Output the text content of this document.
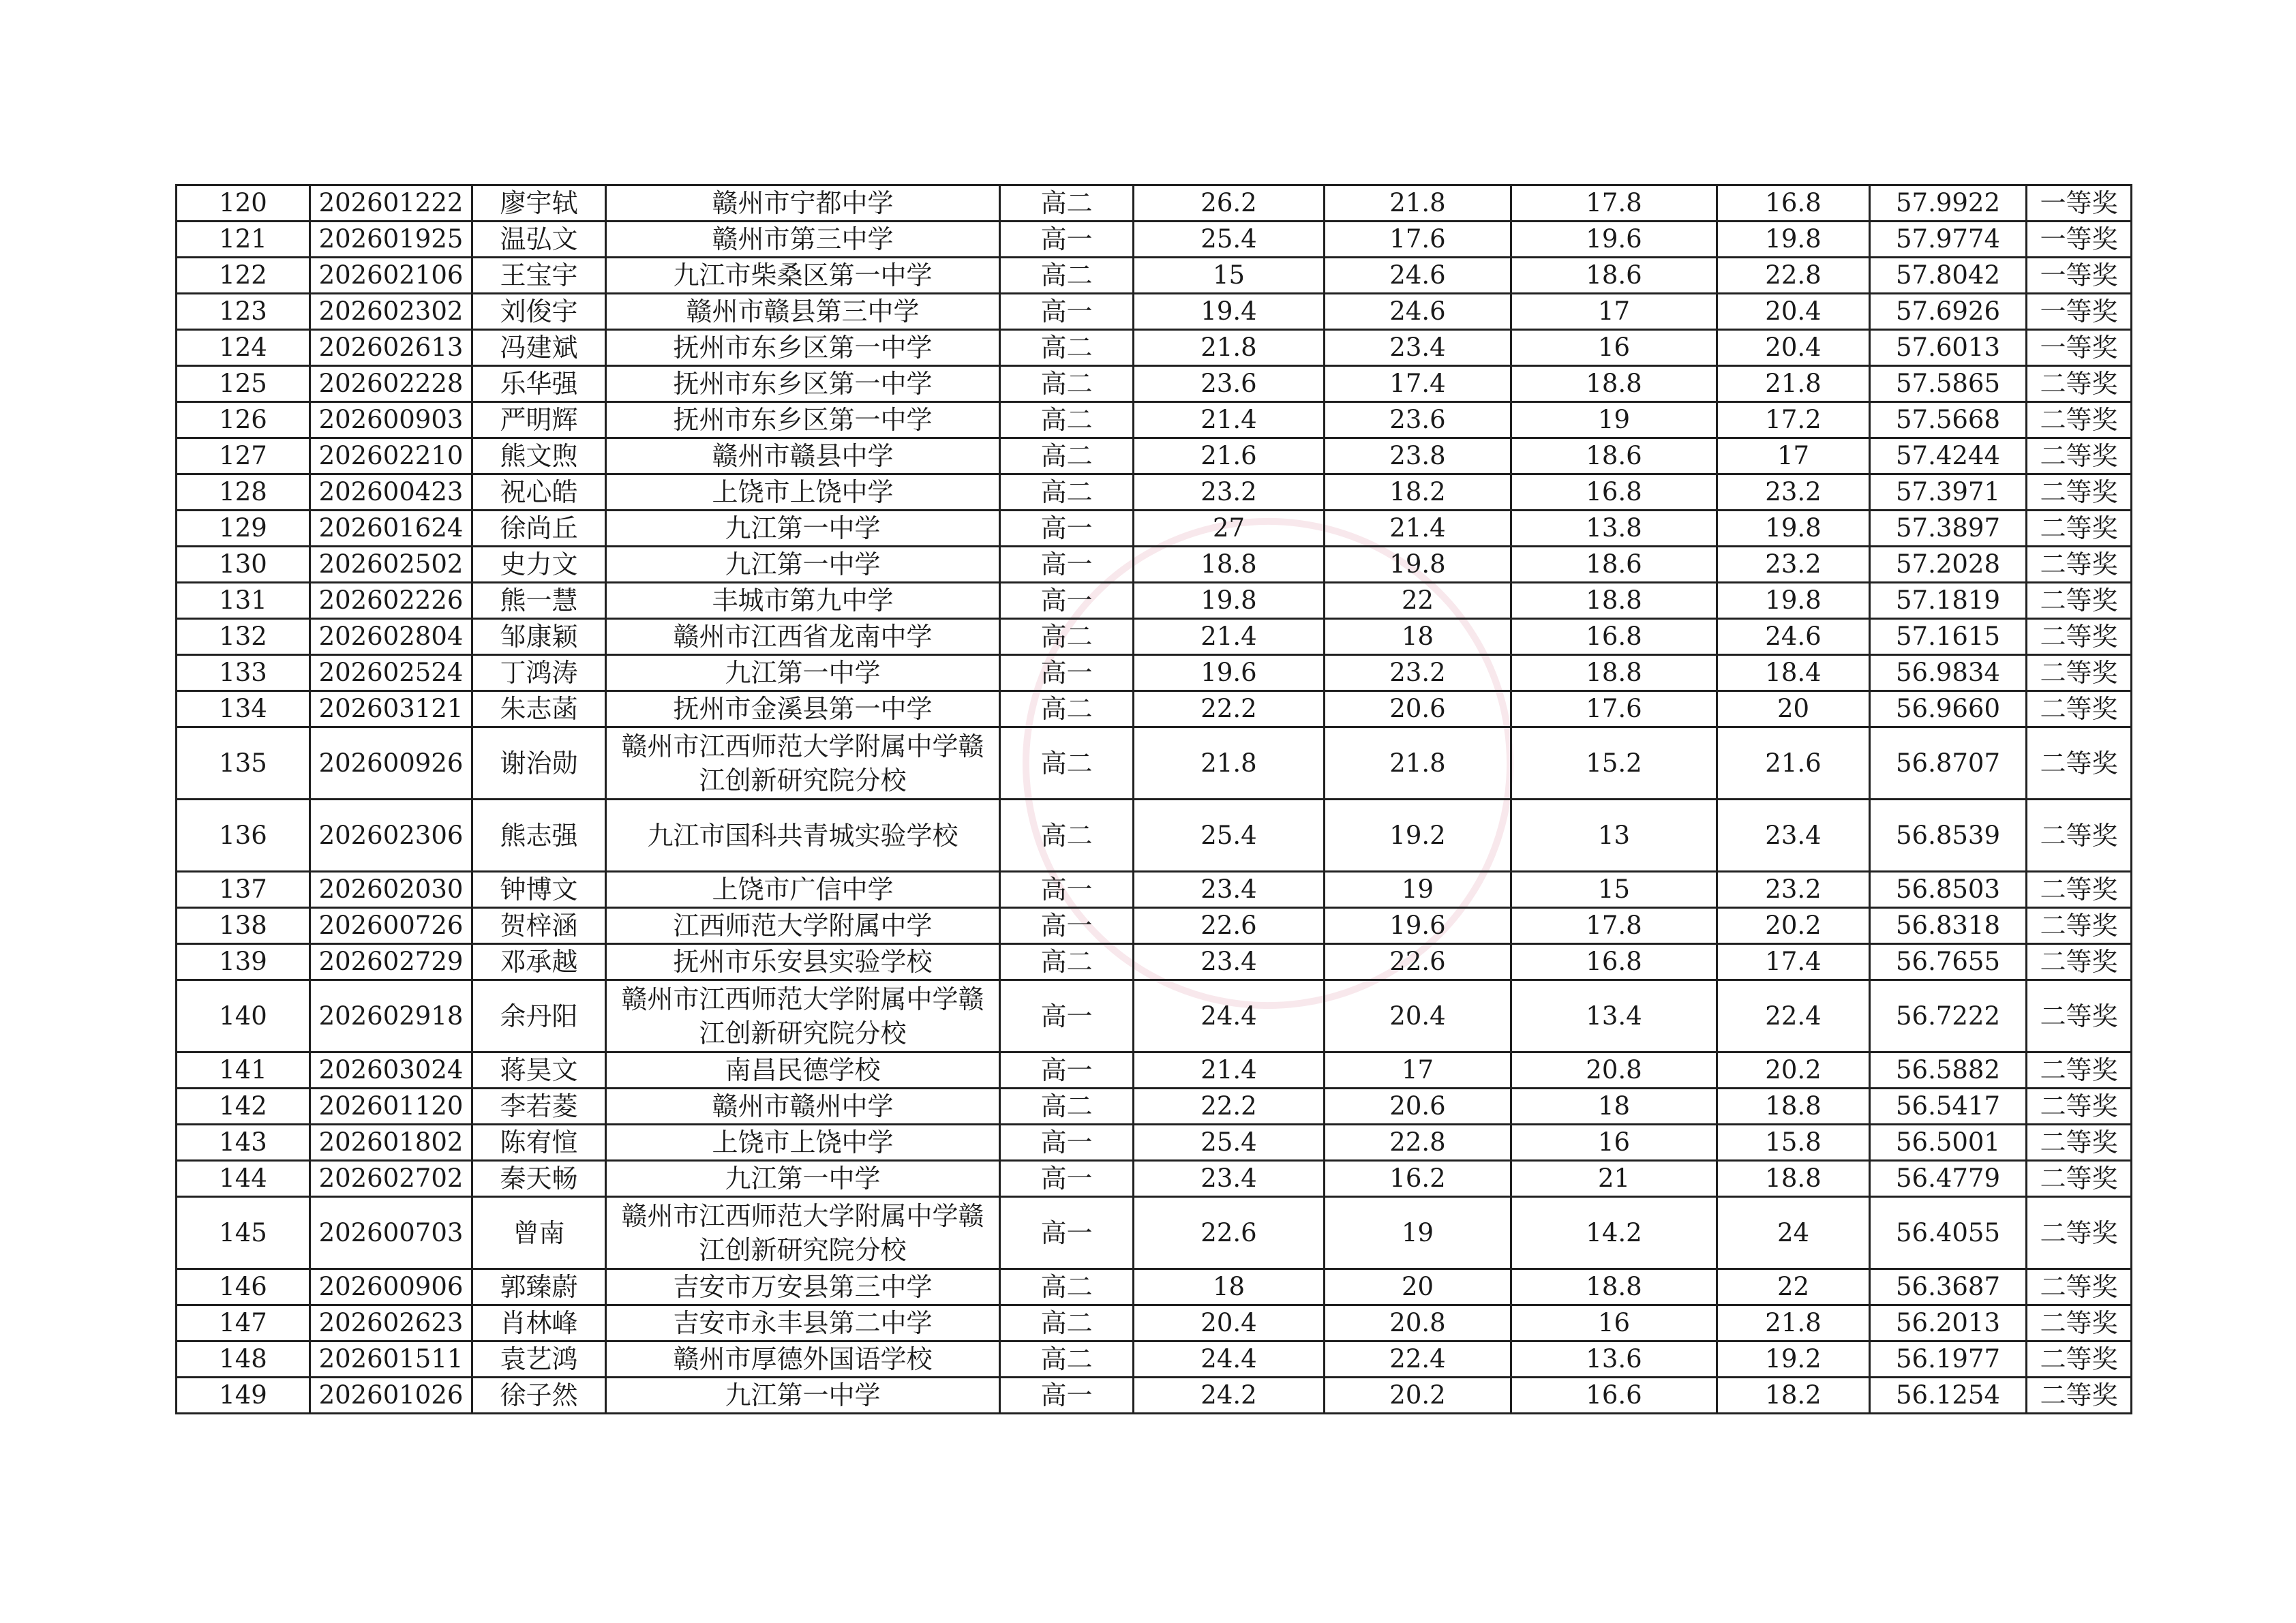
120	202601222	廖宇轼	赣州市宁都中学	高二	26.2	21.8	17.8	16.8	57.9922	一等奖
121	202601925	温弘文	赣州市第三中学	高一	25.4	17.6	19.6	19.8	57.9774	一等奖
122	202602106	王宝宇	九江市柴桑区第一中学	高二	15	24.6	18.6	22.8	57.8042	一等奖
123	202602302	刘俊宇	赣州市赣县第三中学	高一	19.4	24.6	17	20.4	57.6926	一等奖
124	202602613	冯建斌	抚州市东乡区第一中学	高二	21.8	23.4	16	20.4	57.6013	一等奖
125	202602228	乐华强	抚州市东乡区第一中学	高二	23.6	17.4	18.8	21.8	57.5865	二等奖
126	202600903	严明辉	抚州市东乡区第一中学	高二	21.4	23.6	19	17.2	57.5668	二等奖
127	202602210	熊文煦	赣州市赣县中学	高二	21.6	23.8	18.6	17	57.4244	二等奖
128	202600423	祝心皓	上饶市上饶中学	高二	23.2	18.2	16.8	23.2	57.3971	二等奖
129	202601624	徐尚丘	九江第一中学	高一	27	21.4	13.8	19.8	57.3897	二等奖
130	202602502	史力文	九江第一中学	高一	18.8	19.8	18.6	23.2	57.2028	二等奖
131	202602226	熊一慧	丰城市第九中学	高一	19.8	22	18.8	19.8	57.1819	二等奖
132	202602804	邹康颖	赣州市江西省龙南中学	高二	21.4	18	16.8	24.6	57.1615	二等奖
133	202602524	丁鸿涛	九江第一中学	高一	19.6	23.2	18.8	18.4	56.9834	二等奖
134	202603121	朱志菡	抚州市金溪县第一中学	高二	22.2	20.6	17.6	20	56.9660	二等奖
135	202600926	谢治勋	赣州市江西师范大学附属中学赣江创新研究院分校	高二	21.8	21.8	15.2	21.6	56.8707	二等奖
136	202602306	熊志强	九江市国科共青城实验学校	高二	25.4	19.2	13	23.4	56.8539	二等奖
137	202602030	钟博文	上饶市广信中学	高一	23.4	19	15	23.2	56.8503	二等奖
138	202600726	贺梓涵	江西师范大学附属中学	高一	22.6	19.6	17.8	20.2	56.8318	二等奖
139	202602729	邓承越	抚州市乐安县实验学校	高二	23.4	22.6	16.8	17.4	56.7655	二等奖
140	202602918	余丹阳	赣州市江西师范大学附属中学赣江创新研究院分校	高一	24.4	20.4	13.4	22.4	56.7222	二等奖
141	202603024	蒋昊文	南昌民德学校	高一	21.4	17	20.8	20.2	56.5882	二等奖
142	202601120	李若菱	赣州市赣州中学	高二	22.2	20.6	18	18.8	56.5417	二等奖
143	202601802	陈宥愃	上饶市上饶中学	高一	25.4	22.8	16	15.8	56.5001	二等奖
144	202602702	秦天畅	九江第一中学	高一	23.4	16.2	21	18.8	56.4779	二等奖
145	202600703	曾南	赣州市江西师范大学附属中学赣江创新研究院分校	高一	22.6	19	14.2	24	56.4055	二等奖
146	202600906	郭臻蔚	吉安市万安县第三中学	高二	18	20	18.8	22	56.3687	二等奖
147	202602623	肖林峰	吉安市永丰县第二中学	高二	20.4	20.8	16	21.8	56.2013	二等奖
148	202601511	袁艺鸿	赣州市厚德外国语学校	高二	24.4	22.4	13.6	19.2	56.1977	二等奖
149	202601026	徐子然	九江第一中学	高一	24.2	20.2	16.6	18.2	56.1254	二等奖
